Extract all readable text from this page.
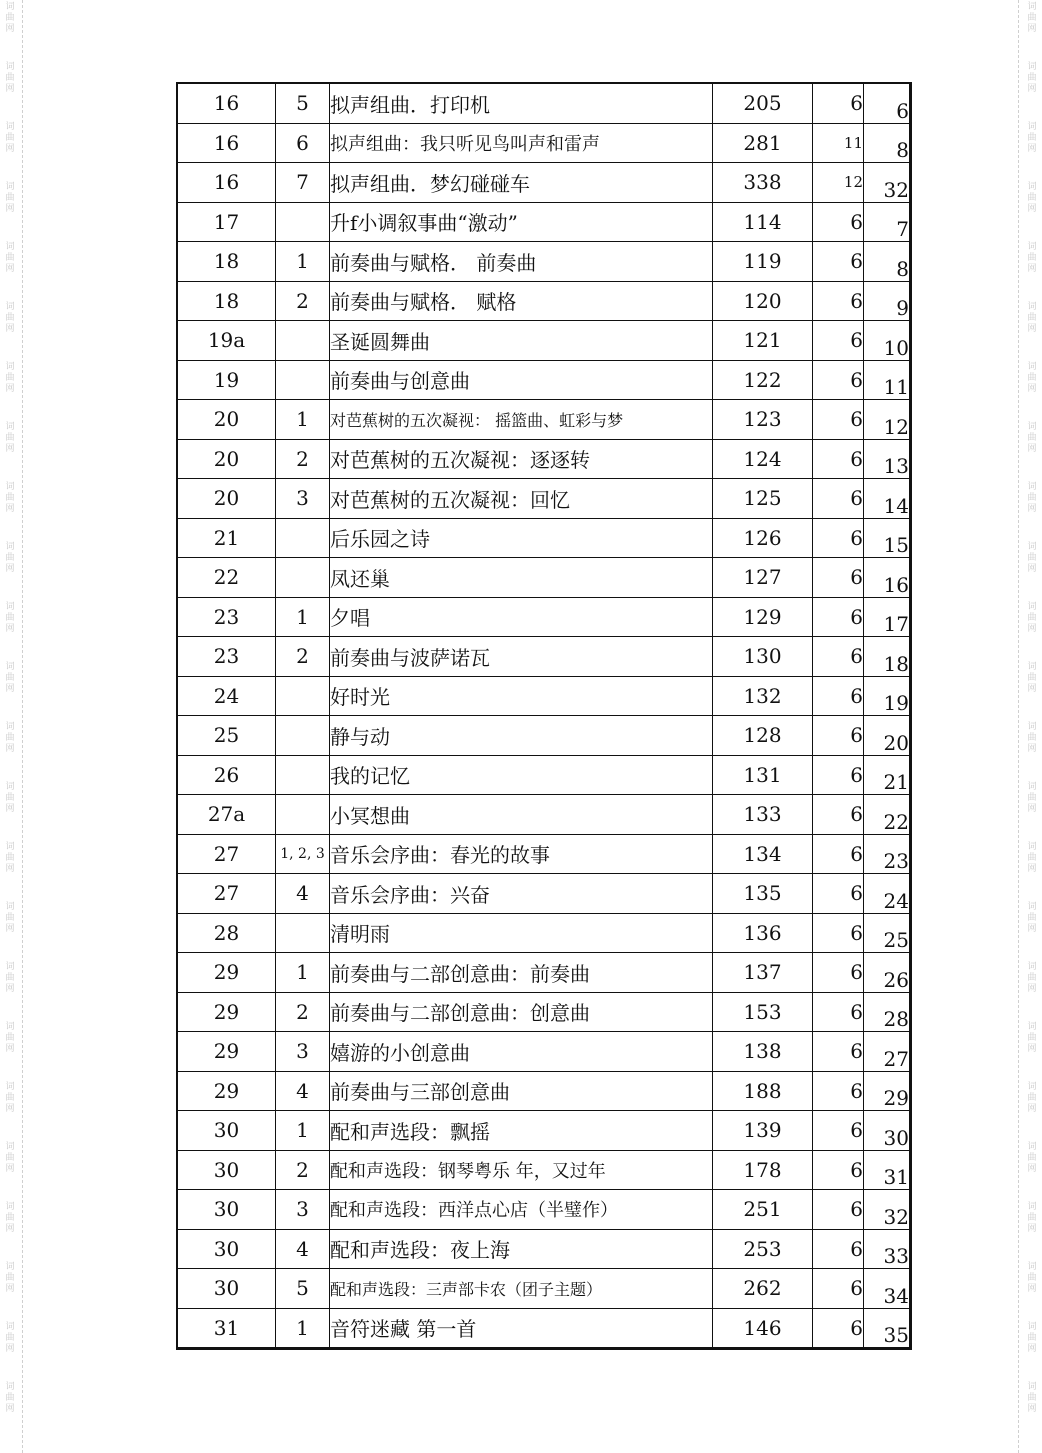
词
曲
网
词
曲
网
词
曲
网
词
曲
网
词
曲
网
词
曲
网
词
曲
网
词
曲
网
词
曲
网
词
曲
网
词
曲
网
词
曲
网
词
曲
网
词
曲
网
词
曲
网
词
曲
网
词
曲
网
词
曲
网
词
曲
网
词
曲
网
词
曲
网
词
曲
网
词
曲
网
词
曲
网
词
曲
网
词
曲
网
词
曲
网
词
曲
网
词
曲
网
词
曲
网
词
曲
网
词
曲
网
词
曲
网
词
曲
网
词
曲
网
词
曲
网
词
曲
网
词
曲
网
词
曲
网
词
曲
网
词
曲
网
词
曲
网
词
曲
网
词
曲
网
词
曲
网
词
曲
网
词
曲
网
词
曲
网
16	5	拟声组曲．打印机	205	6	6
16	6	拟声组曲：我只听见鸟叫声和雷声	281	11	8
16	7	拟声组曲．梦幻碰碰车	338	12	32
17		升f小调叙事曲“激动”	114	6	7
18	1	前奏曲与赋格． 前奏曲	119	6	8
18	2	前奏曲与赋格． 赋格	120	6	9
19a		圣诞圆舞曲	121	6	10
19		前奏曲与创意曲	122	6	11
20	1	对芭蕉树的五次凝视： 摇篮曲、虹彩与梦	123	6	12
20	2	对芭蕉树的五次凝视：逐逐转	124	6	13
20	3	对芭蕉树的五次凝视：回忆	125	6	14
21		后乐园之诗	126	6	15
22		凤还巢	127	6	16
23	1	夕唱	129	6	17
23	2	前奏曲与波萨诺瓦	130	6	18
24		好时光	132	6	19
25		静与动	128	6	20
26		我的记忆	131	6	21
27a		小冥想曲	133	6	22
27	1, 2, 3	音乐会序曲：春光的故事	134	6	23
27	4	音乐会序曲：兴奋	135	6	24
28		清明雨	136	6	25
29	1	前奏曲与二部创意曲：前奏曲	137	6	26
29	2	前奏曲与二部创意曲：创意曲	153	6	28
29	3	嬉游的小创意曲	138	6	27
29	4	前奏曲与三部创意曲	188	6	29
30	1	配和声选段：飘摇	139	6	30
30	2	配和声选段：钢琴粤乐 年，又过年	178	6	31
30	3	配和声选段：西洋点心店（半璧作）	251	6	32
30	4	配和声选段：夜上海	253	6	33
30	5	配和声选段：三声部卡农（团子主题）	262	6	34
31	1	音符迷藏 第一首	146	6	35
